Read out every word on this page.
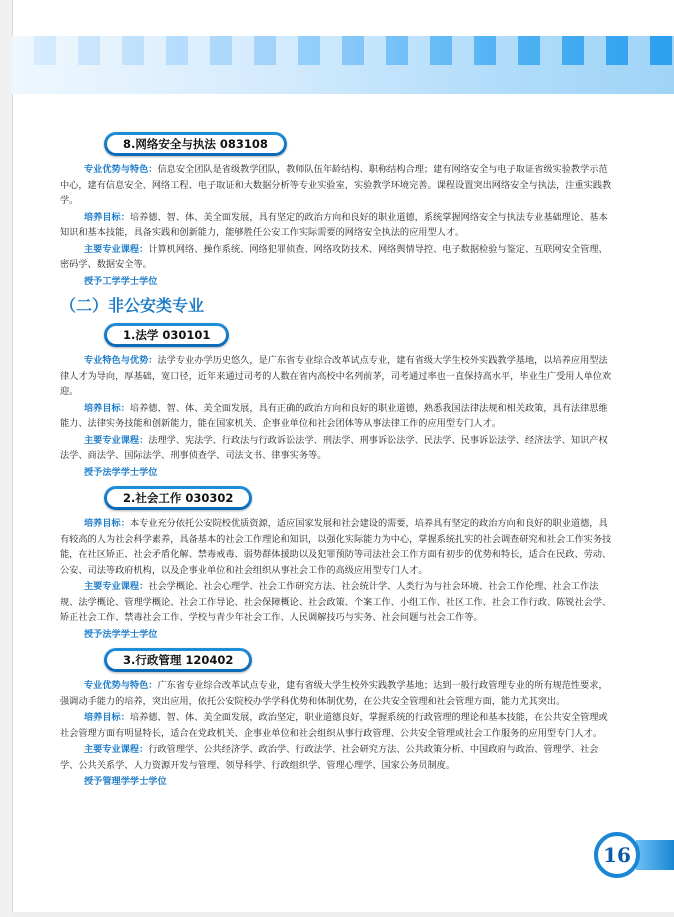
8.网络安全与执法 083108

专业优势与特色：信息安全团队是省级教学团队，教师队伍年龄结构、职称结构合理；建有网络安全与电子取证省级实验教学示范中心，建有信息安全、网络工程、电子取证和大数据分析等专业实验室，实验教学环境完善。课程设置突出网络安全与执法，注重实践教学。

培养目标：培养德、智、体、美全面发展，具有坚定的政治方向和良好的职业道德，系统掌握网络安全与执法专业基础理论、基本知识和基本技能，具备实践和创新能力，能够胜任公安工作实际需要的网络安全执法的应用型人才。

主要专业课程：计算机网络、操作系统、网络犯罪侦查、网络攻防技术、网络舆情导控、电子数据检验与鉴定、互联网安全管理、密码学、数据安全等。

授予工学学士学位
（二）非公安类专业
1.法学 030101

专业特色与优势：法学专业办学历史悠久，是广东省专业综合改革试点专业，建有省级大学生校外实践教学基地，以培养应用型法律人才为导向，厚基础，宽口径，近年来通过司考的人数在省内高校中名列前茅，司考通过率也一直保持高水平，毕业生广受用人单位欢迎。

培养目标：培养德、智、体、美全面发展，具有正确的政治方向和良好的职业道德，熟悉我国法律法规和相关政策，具有法律思维能力、法律实务技能和创新能力，能在国家机关、企事业单位和社会团体等从事法律工作的应用型专门人才。

主要专业课程：法理学、宪法学、行政法与行政诉讼法学、刑法学、刑事诉讼法学、民法学、民事诉讼法学、经济法学、知识产权法学、商法学、国际法学、刑事侦查学、司法文书、律事实务等。

授予法学学士学位
2.社会工作 030302

培养目标：本专业充分依托公安院校优质资源，适应国家发展和社会建设的需要，培养具有坚定的政治方向和良好的职业道德，具有较高的人为社会科学素养，具备基本的社会工作理论和知识，以强化实际能力为中心，掌握系统扎实的社会调查研究和社会工作实务技能，在社区矫正、社会矛盾化解、禁毒戒毒、弱势群体援助以及犯罪预防等司法社会工作方面有初步的优势和特长，适合在民政、劳动、公安、司法等政府机构，以及企事业单位和社会组织从事社会工作的高级应用型专门人才。

主要专业课程：社会学概论、社会心理学、社会工作研究方法、社会统计学、人类行为与社会环境、社会工作伦理、社会工作法规、法学概论、管理学概论、社会工作导论、社会保障概论、社会政策、个案工作、小组工作、社区工作、社会工作行政、陈锐社会学、矫正社会工作、禁毒社会工作、学校与青少年社会工作、人民调解技巧与实务、社会问题与社会工作等。

授予法学学士学位
3.行政管理 120402

专业优势与特色：广东省专业综合改革试点专业，建有省级大学生校外实践教学基地；达到一般行政管理专业的所有规范性要求，强调动手能力的培养，突出应用，依托公安院校办学学科优势和体制优势，在公共安全管理和社会管理方面，能力尤其突出。

培养目标：培养德、智、体、美全面发展，政治坚定，职业道德良好，掌握系统的行政管理的理论和基本技能，在公共安全管理或社会管理方面有明显特长，适合在党政机关、企事业单位和社会组织从事行政管理、公共安全管理或社会工作服务的应用型专门人才。

主要专业课程：行政管理学、公共经济学、政治学、行政法学、社会研究方法、公共政策分析、中国政府与政治、管理学、社会学、公共关系学、人力资源开发与管理、领导科学、行政组织学、管理心理学、国家公务员制度。

授予管理学学士学位
16
